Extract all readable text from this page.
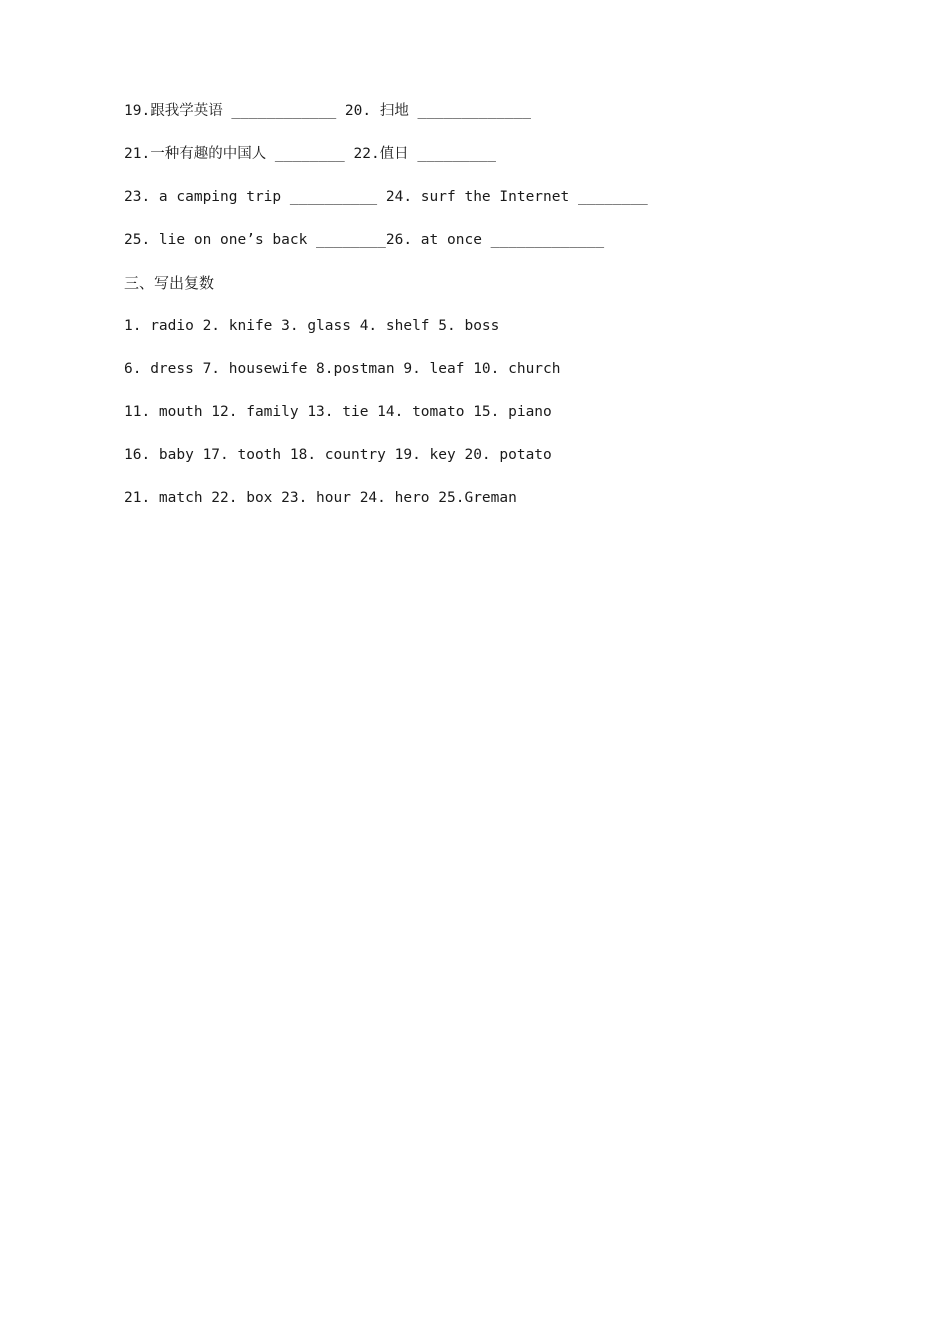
19.跟我学英语 ____________ 20. 扫地 _____________
21.一种有趣的中国人 ________ 22.值日 _________
23. a camping trip __________ 24. surf the Internet ________
25. lie on one’s back ________26. at once _____________
三、写出复数
1. radio 2. knife 3. glass 4. shelf 5. boss
6. dress 7. housewife 8.postman 9. leaf 10. church
11. mouth 12. family 13. tie 14. tomato 15. piano
16. baby 17. tooth 18. country 19. key 20. potato
21. match 22. box 23. hour 24. hero 25.Greman
